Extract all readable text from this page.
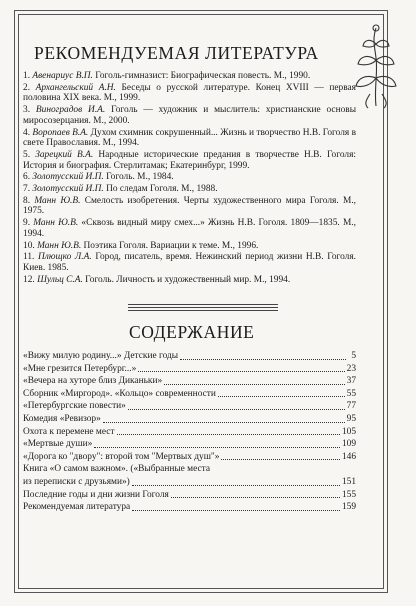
РЕКОМЕНДУЕМАЯ ЛИТЕРАТУРА

1. Авенариус В.П. Гоголь-гимназист: Биографическая повесть. М., 1990.

2. Архангельский А.Н. Беседы о русской литературе. Конец XVIII — первая половина XIX века. М., 1999.

3. Виноградов И.А. Гоголь — художник и мыслитель: христианские основы миросозерцания. М., 2000.

4. Воропаев В.А. Духом схимник сокрушенный... Жизнь и творчество Н.В. Гоголя в свете Православия. М., 1994.

5. Зарецкий В.А. Народные исторические предания в творчестве Н.В. Гоголя: История и биография. Стерлитамак; Екатеринбург, 1999.

6. Золотусский И.П. Гоголь. М., 1984.

7. Золотусский И.П. По следам Гоголя. М., 1988.

8. Манн Ю.В. Смелость изобретения. Черты художественного мира Гоголя. М., 1975.

9. Манн Ю.В. «Сквозь видный миру смех...» Жизнь Н.В. Гоголя. 1809—1835. М., 1994.

10. Манн Ю.В. Поэтика Гоголя. Вариации к теме. М., 1996.

11. Плющко Л.А. Город, писатель, время. Нежинский период жизни Н.В. Гоголя. Киев. 1985.

12. Шульц С.А. Гоголь. Личность и художественный мир. М., 1994.

СОДЕРЖАНИЕ
«Вижу милую родину...» Детские годы	5
«Мне грезится Петербург...»	23
«Вечера на хуторе близ Диканьки»	37
Сборник «Миргород». «Кольцо» современности	55
«Петербургские повести»	77
Комедия «Ревизор»	95
Охота к перемене мест	105
«Мертвые души»	109
«Дорога ко "двору": второй том "Мертвых душ"»	146
Книга «О самом важном». («Выбранные места
из переписки с друзьями»)	151
Последние годы и дни жизни Гоголя	155
Рекомендуемая литература	159
